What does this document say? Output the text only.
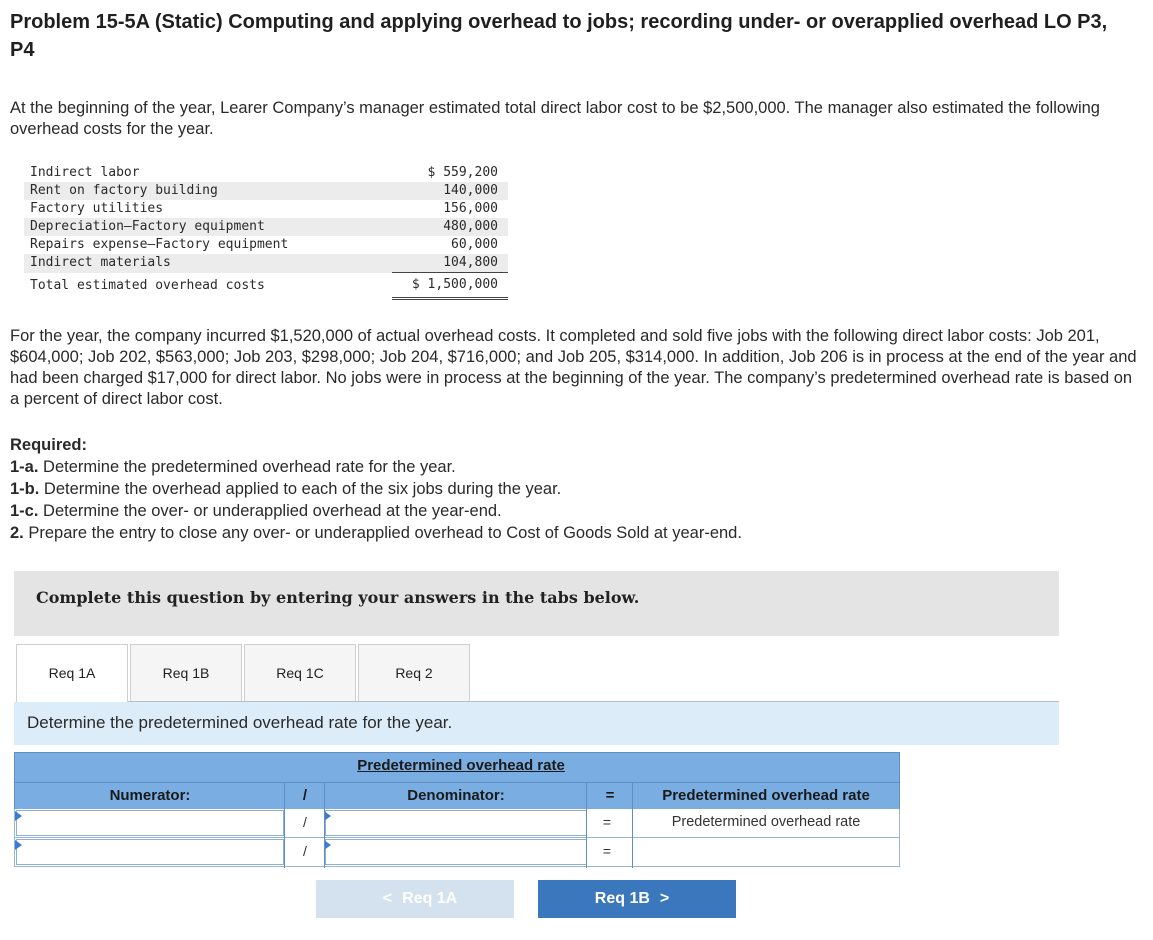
Problem 15-5A (Static) Computing and applying overhead to jobs; recording under- or overapplied overhead LO P3, P4

At the beginning of the year, Learer Company’s manager estimated total direct labor cost to be $2,500,000. The manager also estimated the following overhead costs for the year.

Indirect labor	$ 559,200
Rent on factory building	140,000
Factory utilities	156,000
Depreciation—Factory equipment	480,000
Repairs expense—Factory equipment	60,000
Indirect materials	104,800
Total estimated overhead costs	$ 1,500,000

For the year, the company incurred $1,520,000 of actual overhead costs. It completed and sold five jobs with the following direct labor costs: Job 201, $604,000; Job 202, $563,000; Job 203, $298,000; Job 204, $716,000; and Job 205, $314,000. In addition, Job 206 is in process at the end of the year and had been charged $17,000 for direct labor. No jobs were in process at the beginning of the year. The company’s predetermined overhead rate is based on a percent of direct labor cost.

Required:
1-a. Determine the predetermined overhead rate for the year.
1-b. Determine the overhead applied to each of the six jobs during the year.
1-c. Determine the over- or underapplied overhead at the year-end.
2. Prepare the entry to close any over- or underapplied overhead to Cost of Goods Sold at year-end.
Complete this question by entering your answers in the tabs below.
Req 1A	Req 1B	Req 1C	Req 2
Determine the predetermined overhead rate for the year.
Predetermined overhead rate
Numerator:	/	Denominator:	=	Predetermined overhead rate
/	=	Predetermined overhead rate
/	=
< Req 1A	Req 1B >
